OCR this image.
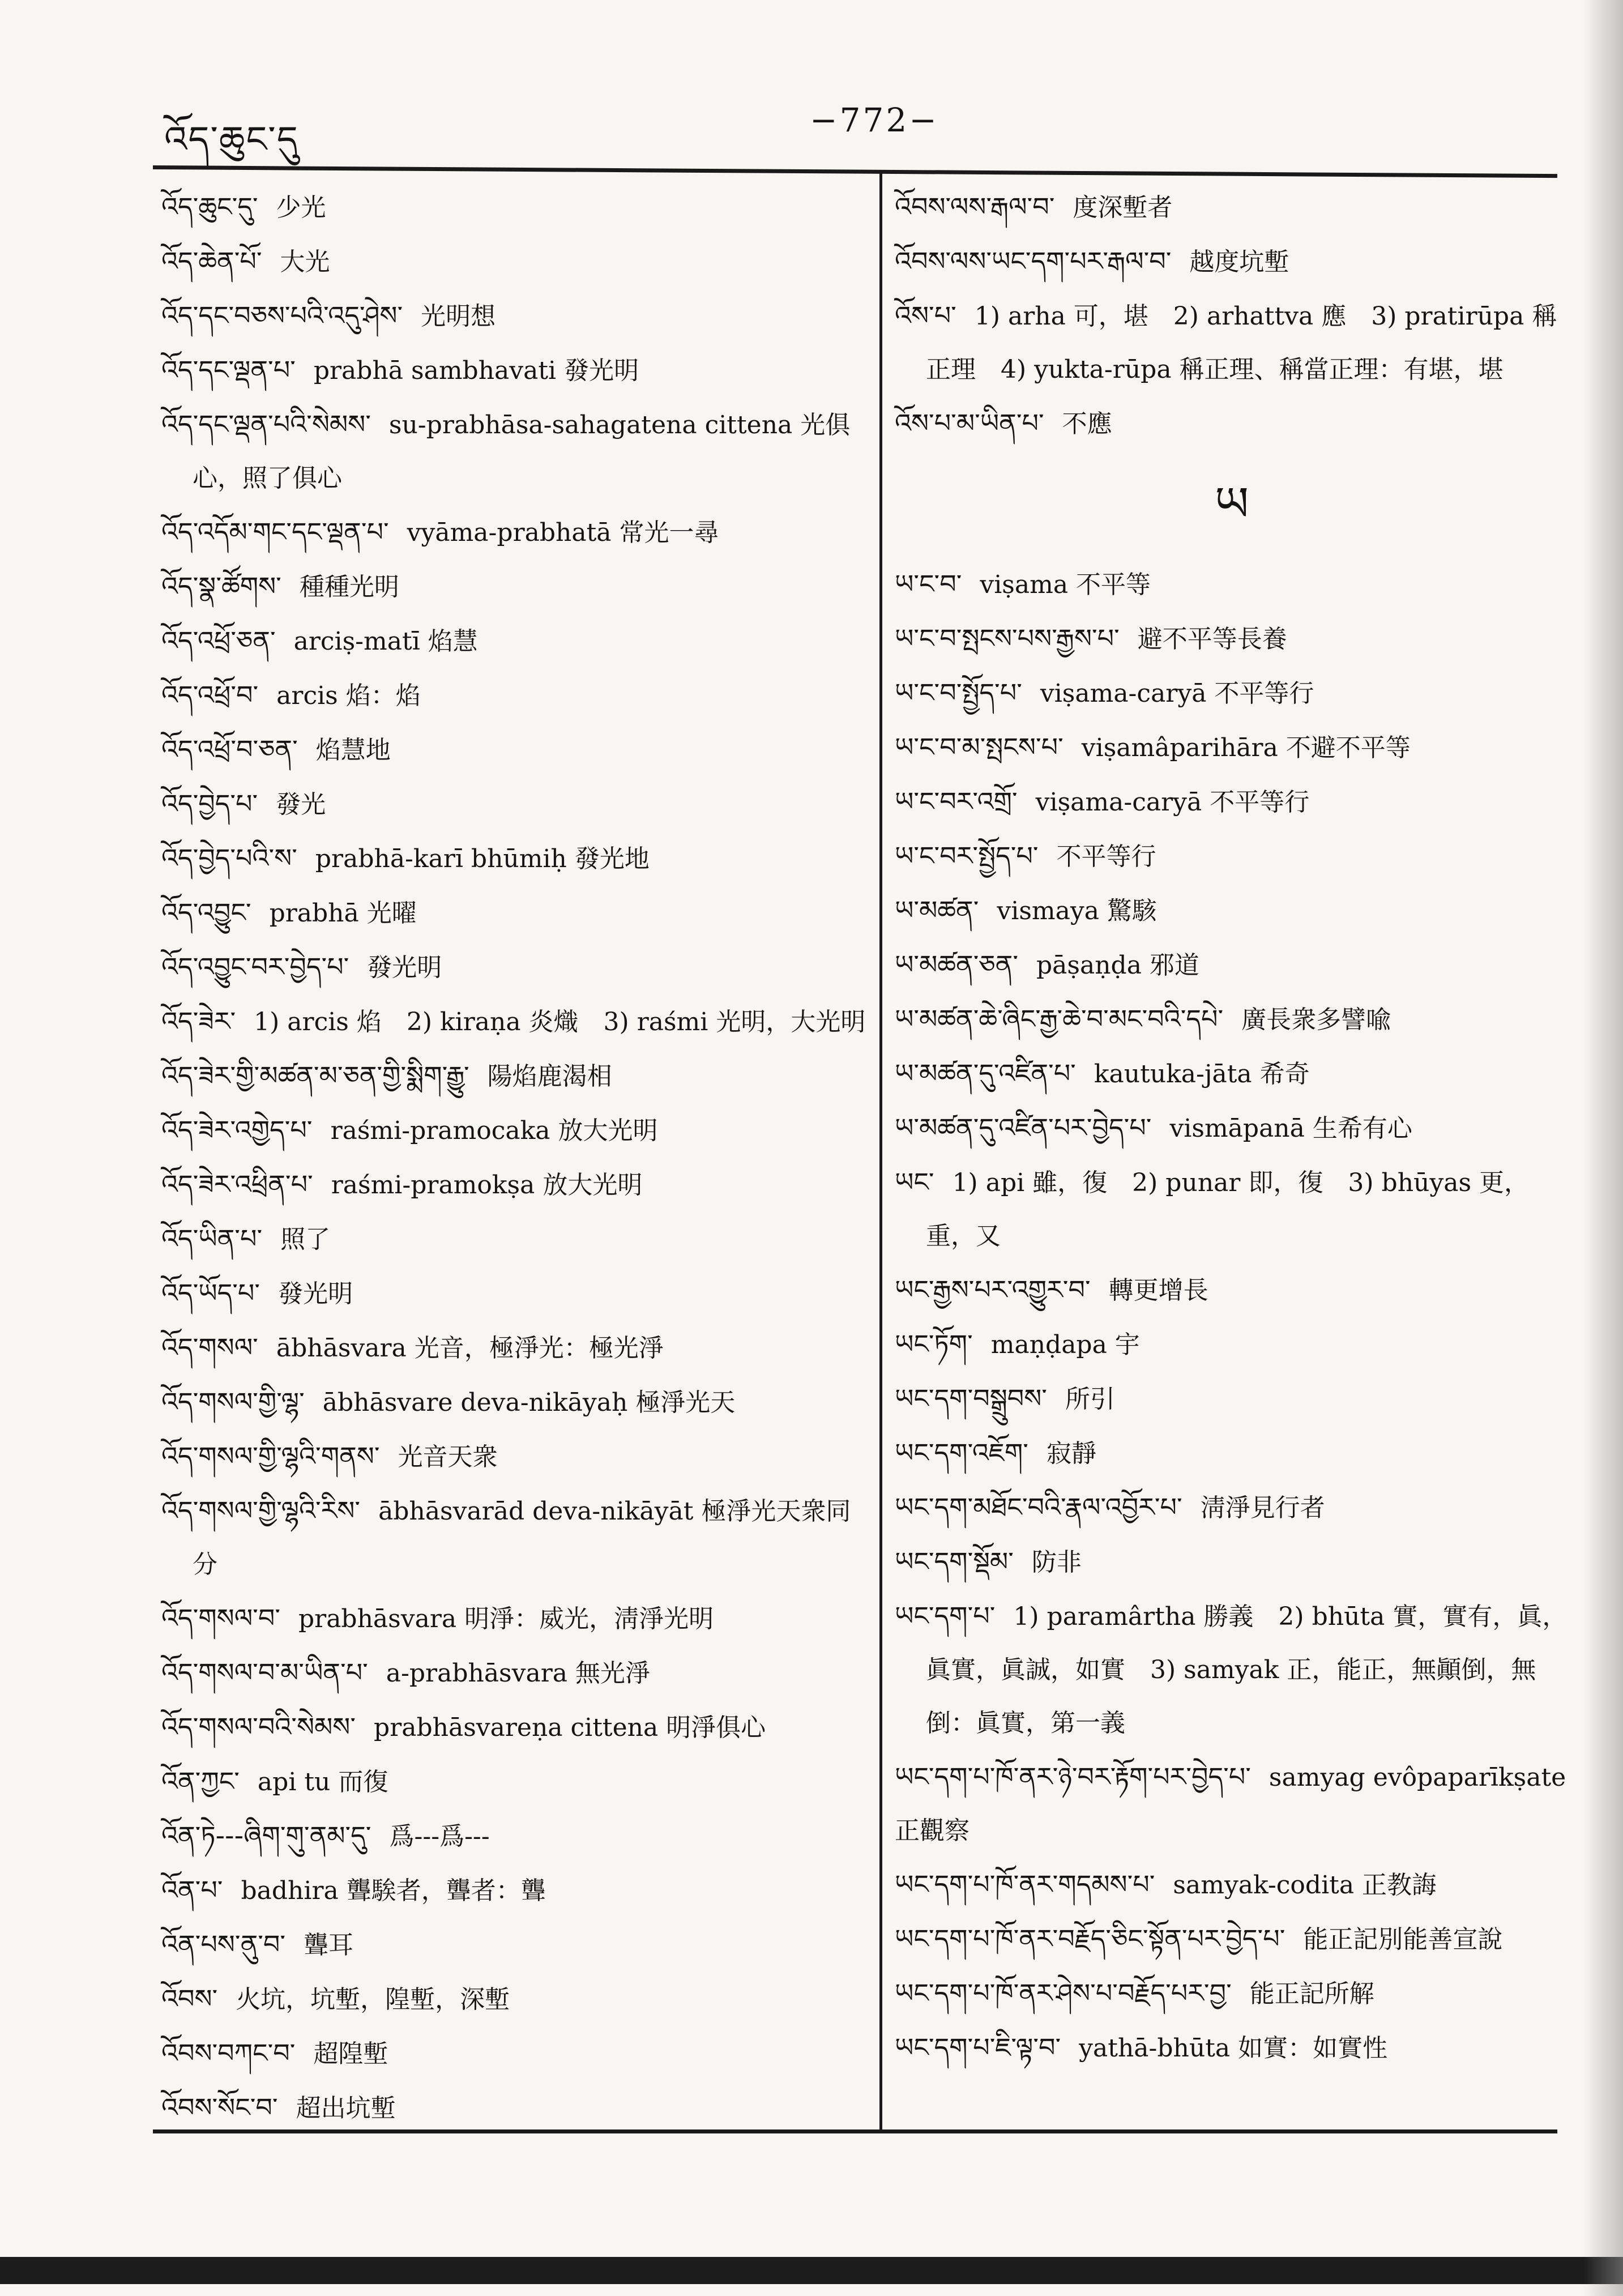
འོད་ཆུང་དུ	−772−
འོད་ཆུང་དུ་ 少光
འོད་ཆེན་པོ་ 大光
འོད་དང་བཅས་པའི་འདུ་ཤེས་ 光明想
འོད་དང་ལྡན་པ་ prabhā sambhavati 發光明
འོད་དང་ལྡན་པའི་སེམས་ su-prabhāsa-sahagatena cittena 光俱心，照了俱心
འོད་འདོམ་གང་དང་ལྡན་པ་ vyāma-prabhatā 常光一尋
འོད་སྣ་ཚོགས་ 種種光明
འོད་འཕྲོ་ཅན་ arciṣ-matī 焰慧
འོད་འཕྲོ་བ་ arcis 焰：焰
འོད་འཕྲོ་བ་ཅན་ 焰慧地
འོད་བྱེད་པ་ 發光
འོད་བྱེད་པའི་ས་ prabhā-karī bhūmiḥ 發光地
འོད་འབྱུང་ prabhā 光曜
འོད་འབྱུང་བར་བྱེད་པ་ 發光明
འོད་ཟེར་ 1) arcis 焰　2) kiraṇa 炎熾　3) raśmi 光明，大光明
འོད་ཟེར་གྱི་མཚན་མ་ཅན་གྱི་སྨིག་རྒྱུ་ 陽焰鹿渴相
འོད་ཟེར་འགྱེད་པ་ raśmi-pramocaka 放大光明
འོད་ཟེར་འཕྲིན་པ་ raśmi-pramokṣa 放大光明
འོད་ཡིན་པ་ 照了
འོད་ཡོད་པ་ 發光明
འོད་གསལ་ ābhāsvara 光音，極淨光：極光淨
འོད་གསལ་གྱི་ལྷ་ ābhāsvare deva-nikāyaḥ 極淨光天
འོད་གསལ་གྱི་ལྷའི་གནས་ 光音天衆
འོད་གསལ་གྱི་ལྷའི་རིས་ ābhāsvarād deva-nikāyāt 極淨光天衆同分
འོད་གསལ་བ་ prabhāsvara 明淨：威光，淸淨光明
འོད་གསལ་བ་མ་ཡིན་པ་ a-prabhāsvara 無光淨
འོད་གསལ་བའི་སེམས་ prabhāsvareṇa cittena 明淨俱心
འོན་ཀྱང་ api tu 而復
འོན་ཏེ---ཞིག་གུ་ནམ་དུ་ 爲---爲---
འོན་པ་ badhira 聾騃者，聾者：聾
འོན་པས་ནུ་བ་ 聾耳
འོབས་ 火坑，坑塹，隍塹，深塹
འོབས་བཀང་བ་ 超隍塹
འོབས་སོང་བ་ 超出坑塹
འོབས་ལས་རྒལ་བ་ 度深塹者
འོབས་ལས་ཡང་དག་པར་རྒལ་བ་ 越度坑塹
འོས་པ་ 1) arha 可，堪　2) arhattva 應　3) pratirūpa 稱正理　4) yukta-rūpa 稱正理、稱當正理：有堪，堪
འོས་པ་མ་ཡིན་པ་ 不應
ཡ
ཡ་ང་བ་ viṣama 不平等
ཡ་ང་བ་སྤངས་པས་རྒྱས་པ་ 避不平等長養
ཡ་ང་བ་སྤྱོད་པ་ viṣama-caryā 不平等行
ཡ་ང་བ་མ་སྤངས་པ་ viṣamâparihāra 不避不平等
ཡ་ང་བར་འགྲོ་ viṣama-caryā 不平等行
ཡ་ང་བར་སྤྱོད་པ་ 不平等行
ཡ་མཚན་ vismaya 驚駭
ཡ་མཚན་ཅན་ pāṣaṇḍa 邪道
ཡ་མཚན་ཆེ་ཞིང་རྒྱ་ཆེ་བ་མང་བའི་དཔེ་ 廣長衆多譬喩
ཡ་མཚན་དུ་འཛིན་པ་ kautuka-jāta 希奇
ཡ་མཚན་དུ་འཛིན་པར་བྱེད་པ་ vismāpanā 生希有心
ཡང་ 1) api 雖，復　2) punar 即，復　3) bhūyas 更，重，又
ཡང་རྒྱས་པར་འགྱུར་བ་ 轉更增長
ཡང་ཏོག་ maṇḍapa 宇
ཡང་དག་བསྒྲུབས་ 所引
ཡང་དག་འཇོག་ 寂靜
ཡང་དག་མཐོང་བའི་རྣལ་འབྱོར་པ་ 淸淨見行者
ཡང་དག་སྡོམ་ 防非
ཡང་དག་པ་ 1) paramârtha 勝義　2) bhūta 實，實有，眞，眞實，眞誠，如實　3) samyak 正，能正，無顚倒，無倒：眞實，第一義
ཡང་དག་པ་ཁོ་ནར་ཉེ་བར་རྟོག་པར་བྱེད་པ་ samyag evôpaparīkṣate 正觀察
ཡང་དག་པ་ཁོ་ནར་གདམས་པ་ samyak-codita 正教誨
ཡང་དག་པ་ཁོ་ནར་བརྗོད་ཅིང་སྟོན་པར་བྱེད་པ་ 能正記別能善宣說
ཡང་དག་པ་ཁོ་ནར་ཤེས་པ་བརྗོད་པར་བྱ་ 能正記所解
ཡང་དག་པ་ཇི་ལྟ་བ་ yathā-bhūta 如實：如實性
